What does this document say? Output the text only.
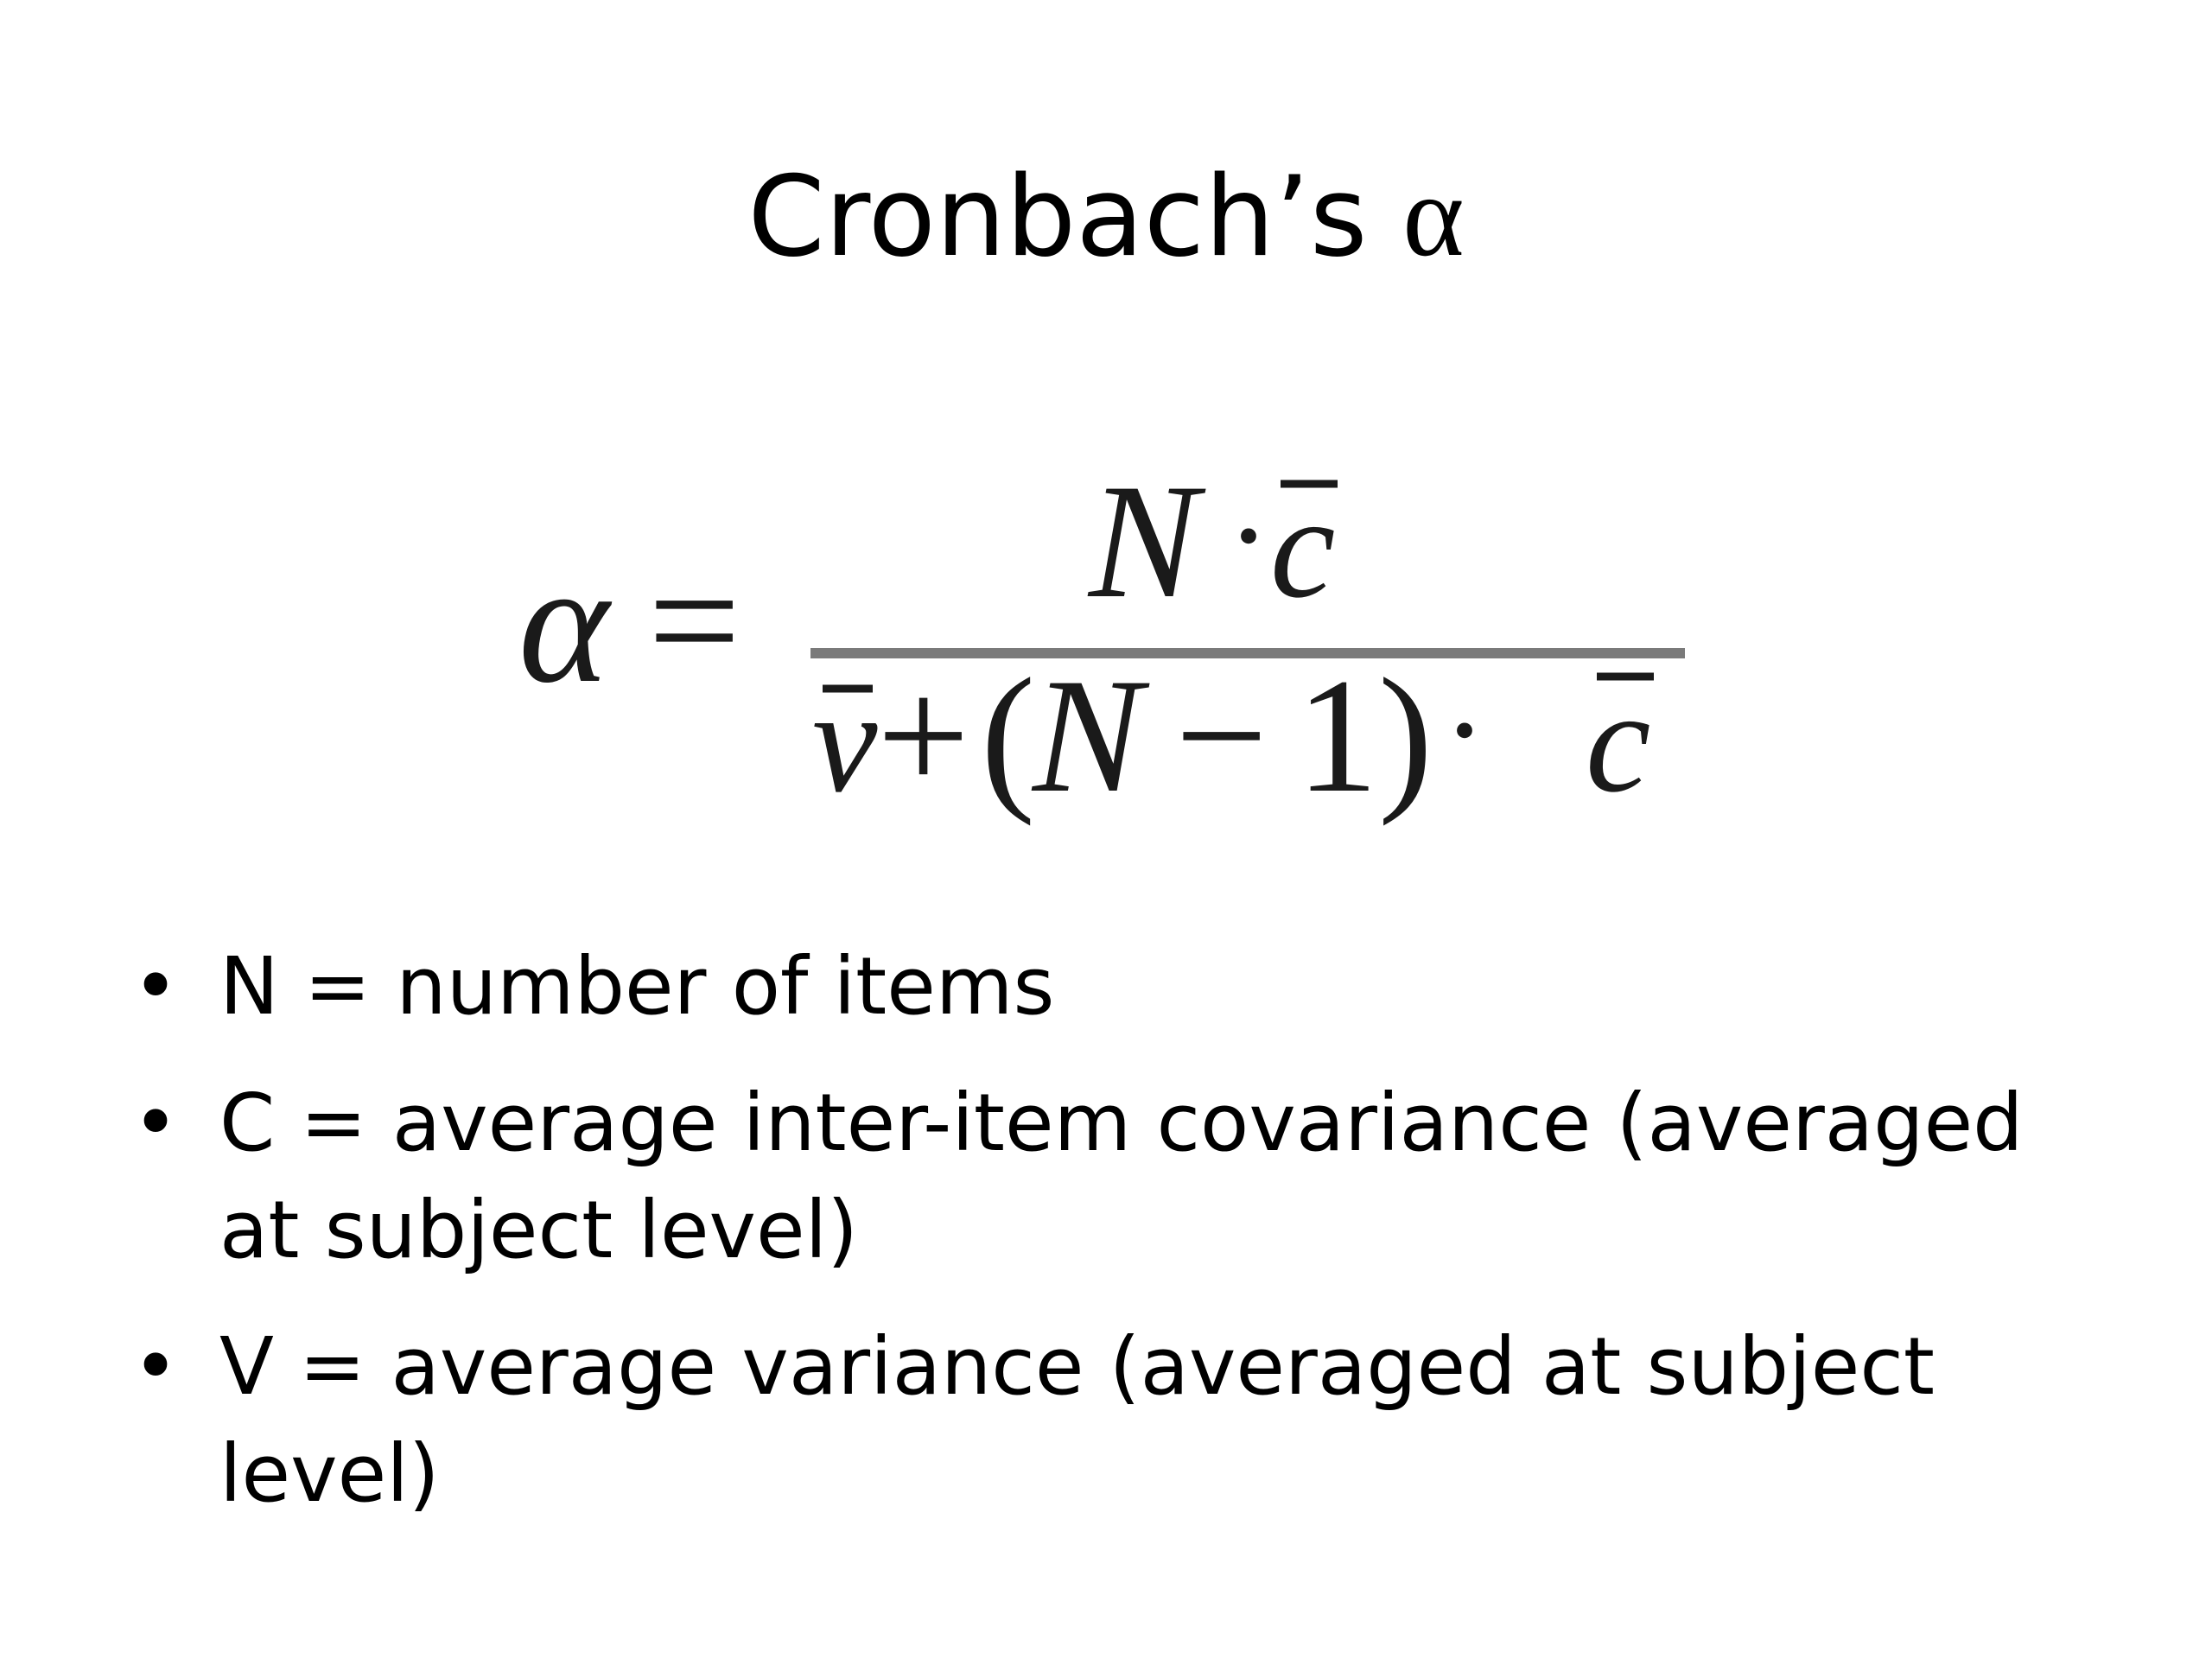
Cronbach’s α
α = N · c
v + (
N − 1 ) · c
• N = number of items
• C = average inter-item covariance (averaged at subject level)
• V = average variance (averaged at subject level)
